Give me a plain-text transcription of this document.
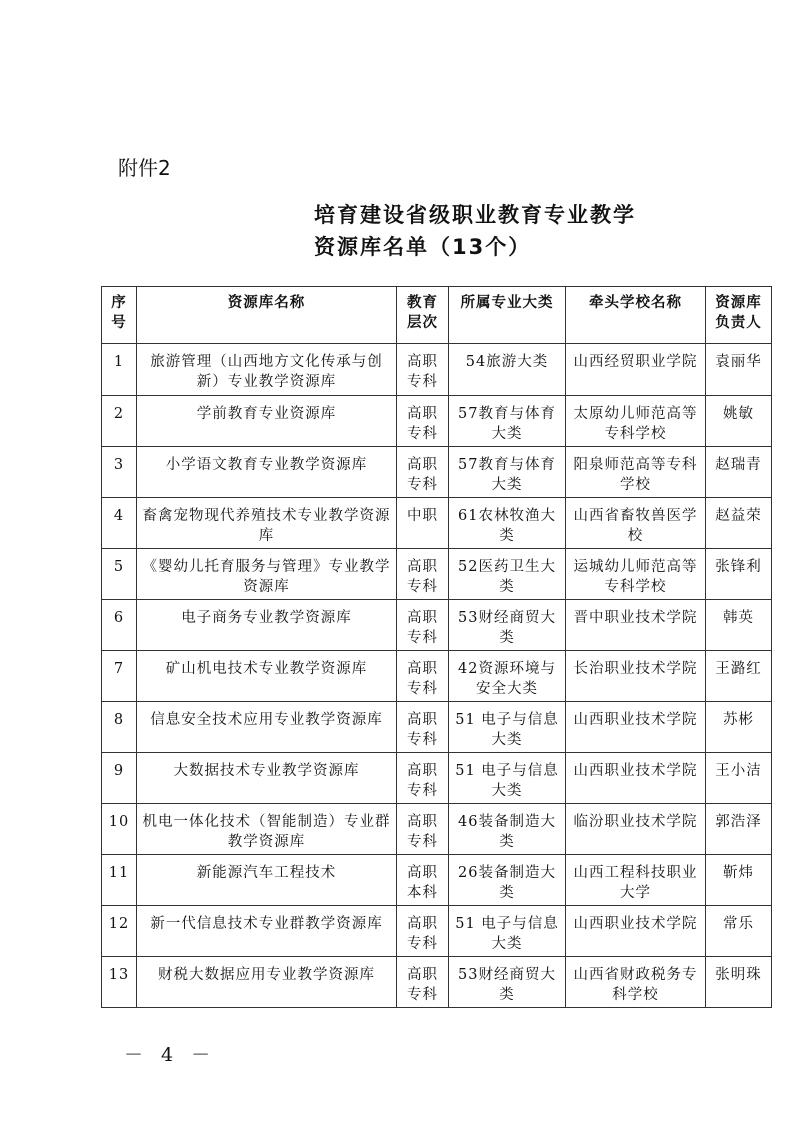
附件2
培育建设省级职业教育专业教学
资源库名单（13个）
序号	资源库名称	教育层次	所属专业大类	牵头学校名称	资源库负责人
1	旅游管理（山西地方文化传承与创新）专业教学资源库	高职专科	54旅游大类	山西经贸职业学院	袁丽华
2	学前教育专业资源库	高职专科	57教育与体育大类	太原幼儿师范高等专科学校	姚敏
3	小学语文教育专业教学资源库	高职专科	57教育与体育大类	阳泉师范高等专科学校	赵瑞青
4	畜禽宠物现代养殖技术专业教学资源库	中职	61农林牧渔大类	山西省畜牧兽医学校	赵益荣
5	《婴幼儿托育服务与管理》专业教学资源库	高职专科	52医药卫生大类	运城幼儿师范高等专科学校	张锋利
6	电子商务专业教学资源库	高职专科	53财经商贸大类	晋中职业技术学院	韩英
7	矿山机电技术专业教学资源库	高职专科	42资源环境与安全大类	长治职业技术学院	王潞红
8	信息安全技术应用专业教学资源库	高职专科	51 电子与信息大类	山西职业技术学院	苏彬
9	大数据技术专业教学资源库	高职专科	51 电子与信息大类	山西职业技术学院	王小洁
10	机电一体化技术（智能制造）专业群教学资源库	高职专科	46装备制造大类	临汾职业技术学院	郭浩泽
11	新能源汽车工程技术	高职本科	26装备制造大类	山西工程科技职业大学	靳炜
12	新一代信息技术专业群教学资源库	高职专科	51 电子与信息大类	山西职业技术学院	常乐
13	财税大数据应用专业教学资源库	高职专科	53财经商贸大类	山西省财政税务专科学校	张明珠
－ 4 －
